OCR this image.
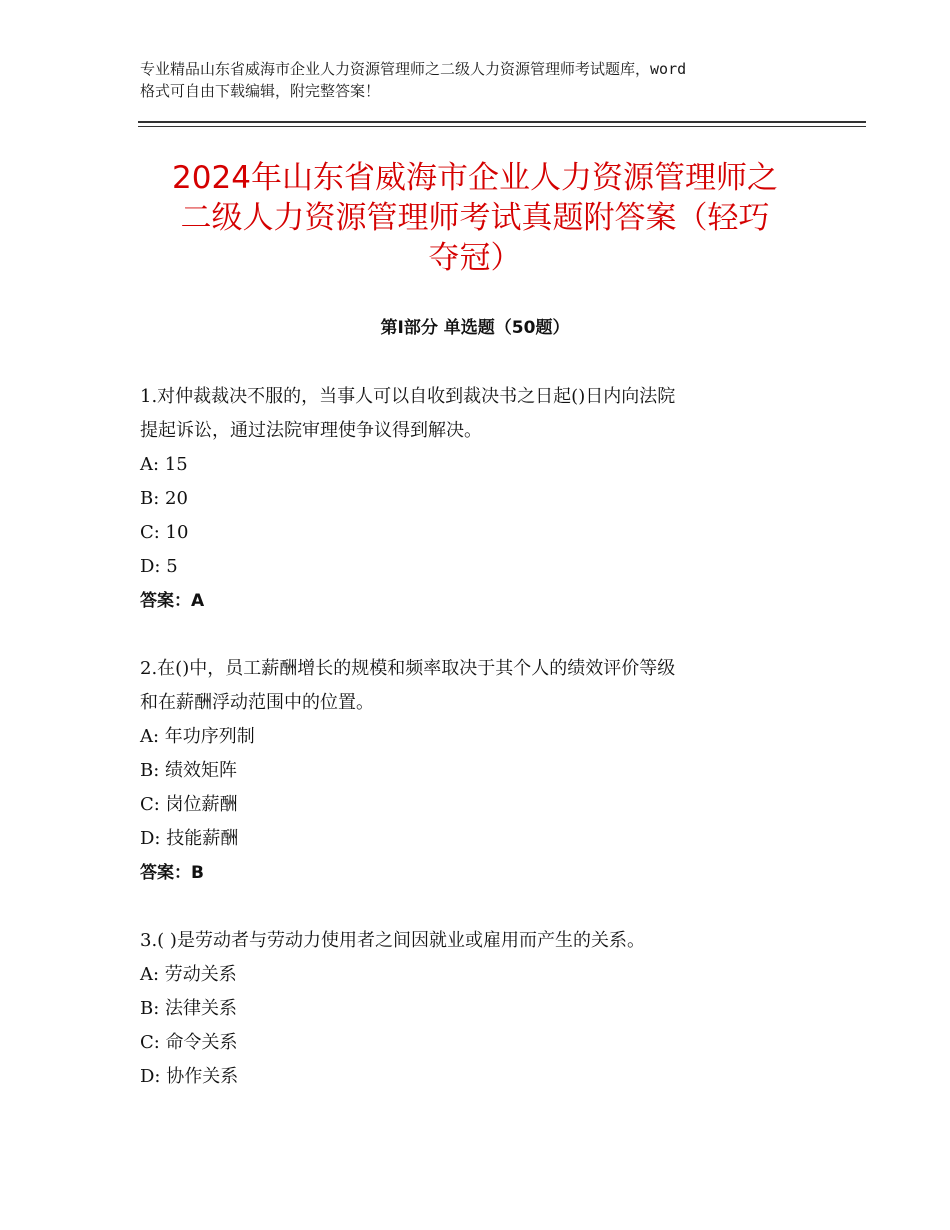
专业精品山东省威海市企业人力资源管理师之二级人力资源管理师考试题库，word
格式可自由下载编辑，附完整答案！
2024年山东省威海市企业人力资源管理师之
二级人力资源管理师考试真题附答案（轻巧
夺冠）
第Ⅰ部分 单选题（50题）

1.对仲裁裁决不服的，当事人可以自收到裁决书之日起()日内向法院
提起诉讼，通过法院审理使争议得到解决。

A: 15

B: 20

C: 10

D: 5

答案：A

2.在()中，员工薪酬增长的规模和频率取决于其个人的绩效评价等级
和在薪酬浮动范围中的位置。

A: 年功序列制

B: 绩效矩阵

C: 岗位薪酬

D: 技能薪酬

答案：B

3.( )是劳动者与劳动力使用者之间因就业或雇用而产生的关系。

A: 劳动关系

B: 法律关系

C: 命令关系

D: 协作关系
